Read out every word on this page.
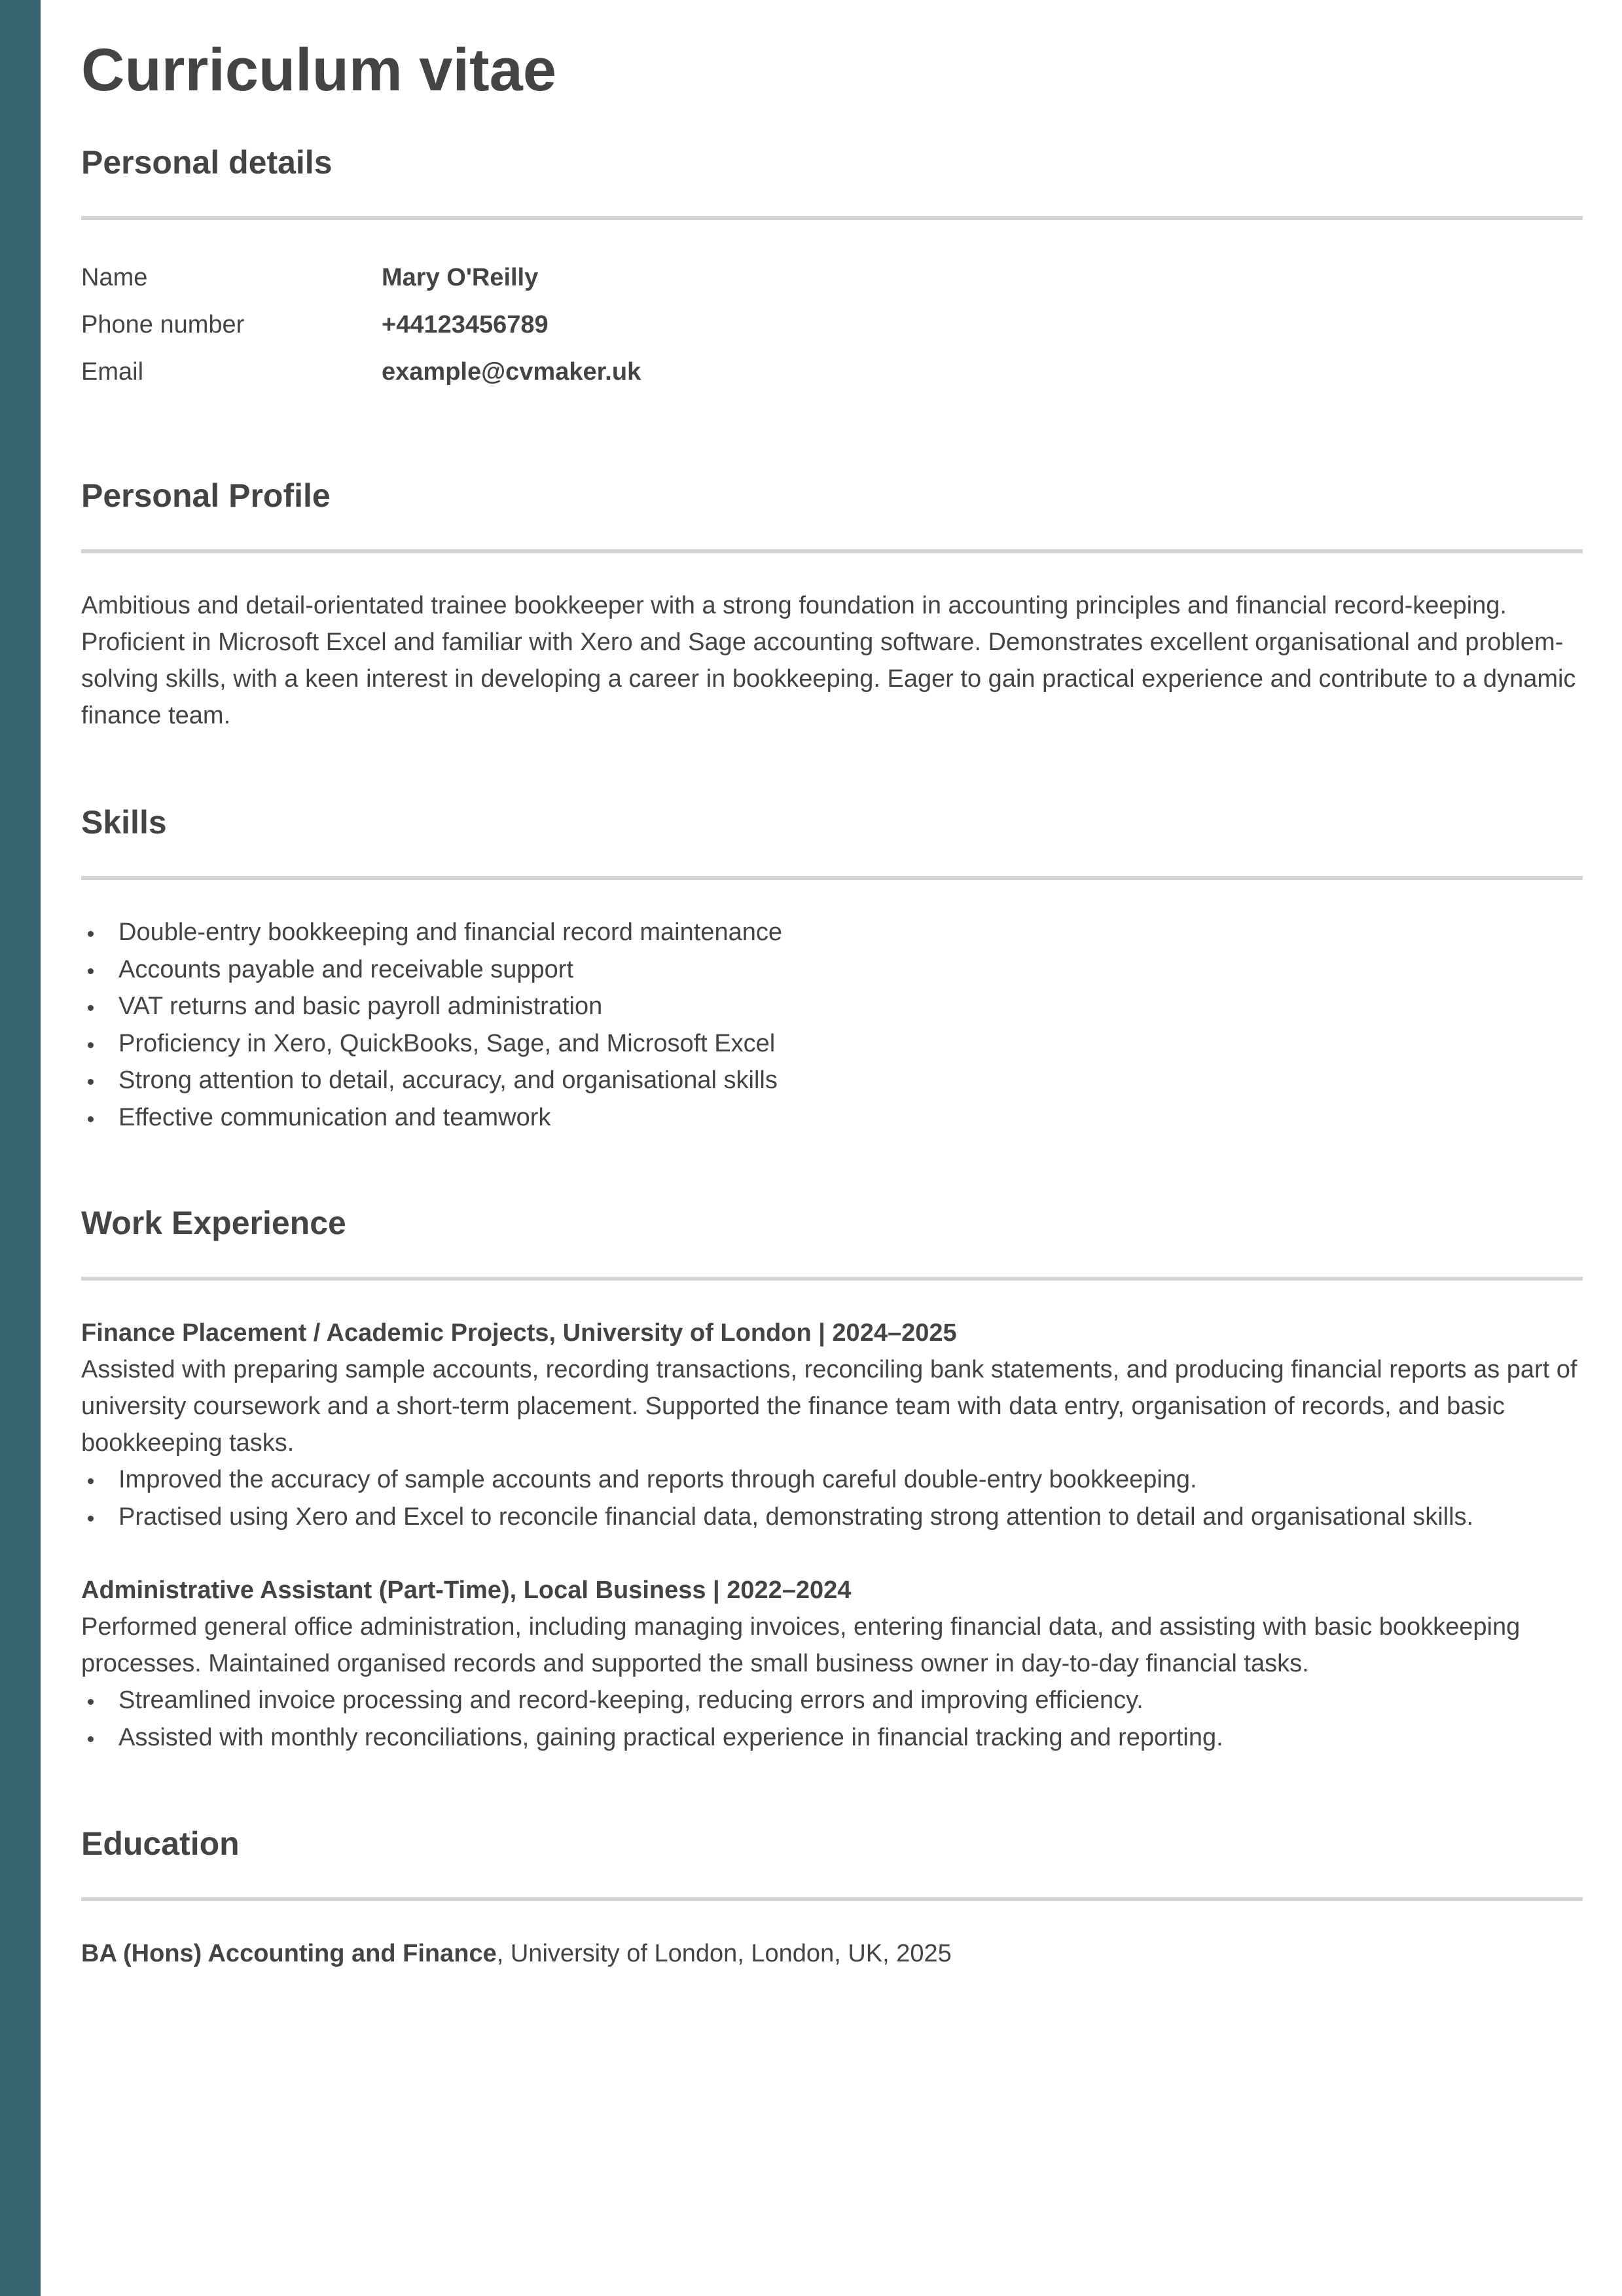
Curriculum vitae
Personal details
Name	Mary O'Reilly
Phone number	+44123456789
Email	example@cvmaker.uk
Personal Profile

Ambitious and detail-orientated trainee bookkeeper with a strong foundation in accounting principles and financial record-keeping. Proficient in Microsoft Excel and familiar with Xero and Sage accounting software. Demonstrates excellent organisational and problem-solving skills, with a keen interest in developing a career in bookkeeping. Eager to gain practical experience and contribute to a dynamic finance team.

Skills
Double-entry bookkeeping and financial record maintenance
Accounts payable and receivable support
VAT returns and basic payroll administration
Proficiency in Xero, QuickBooks, Sage, and Microsoft Excel
Strong attention to detail, accuracy, and organisational skills
Effective communication and teamwork
Work Experience

Finance Placement / Academic Projects, University of London | 2024–2025

Assisted with preparing sample accounts, recording transactions, reconciling bank statements, and producing financial reports as part of university coursework and a short-term placement. Supported the finance team with data entry, organisation of records, and basic bookkeeping tasks.

Improved the accuracy of sample accounts and reports through careful double-entry bookkeeping.
Practised using Xero and Excel to reconcile financial data, demonstrating strong attention to detail and organisational skills.

Administrative Assistant (Part-Time), Local Business | 2022–2024

Performed general office administration, including managing invoices, entering financial data, and assisting with basic bookkeeping processes. Maintained organised records and supported the small business owner in day-to-day financial tasks.

Streamlined invoice processing and record-keeping, reducing errors and improving efficiency.
Assisted with monthly reconciliations, gaining practical experience in financial tracking and reporting.
Education

BA (Hons) Accounting and Finance, University of London, London, UK, 2025
